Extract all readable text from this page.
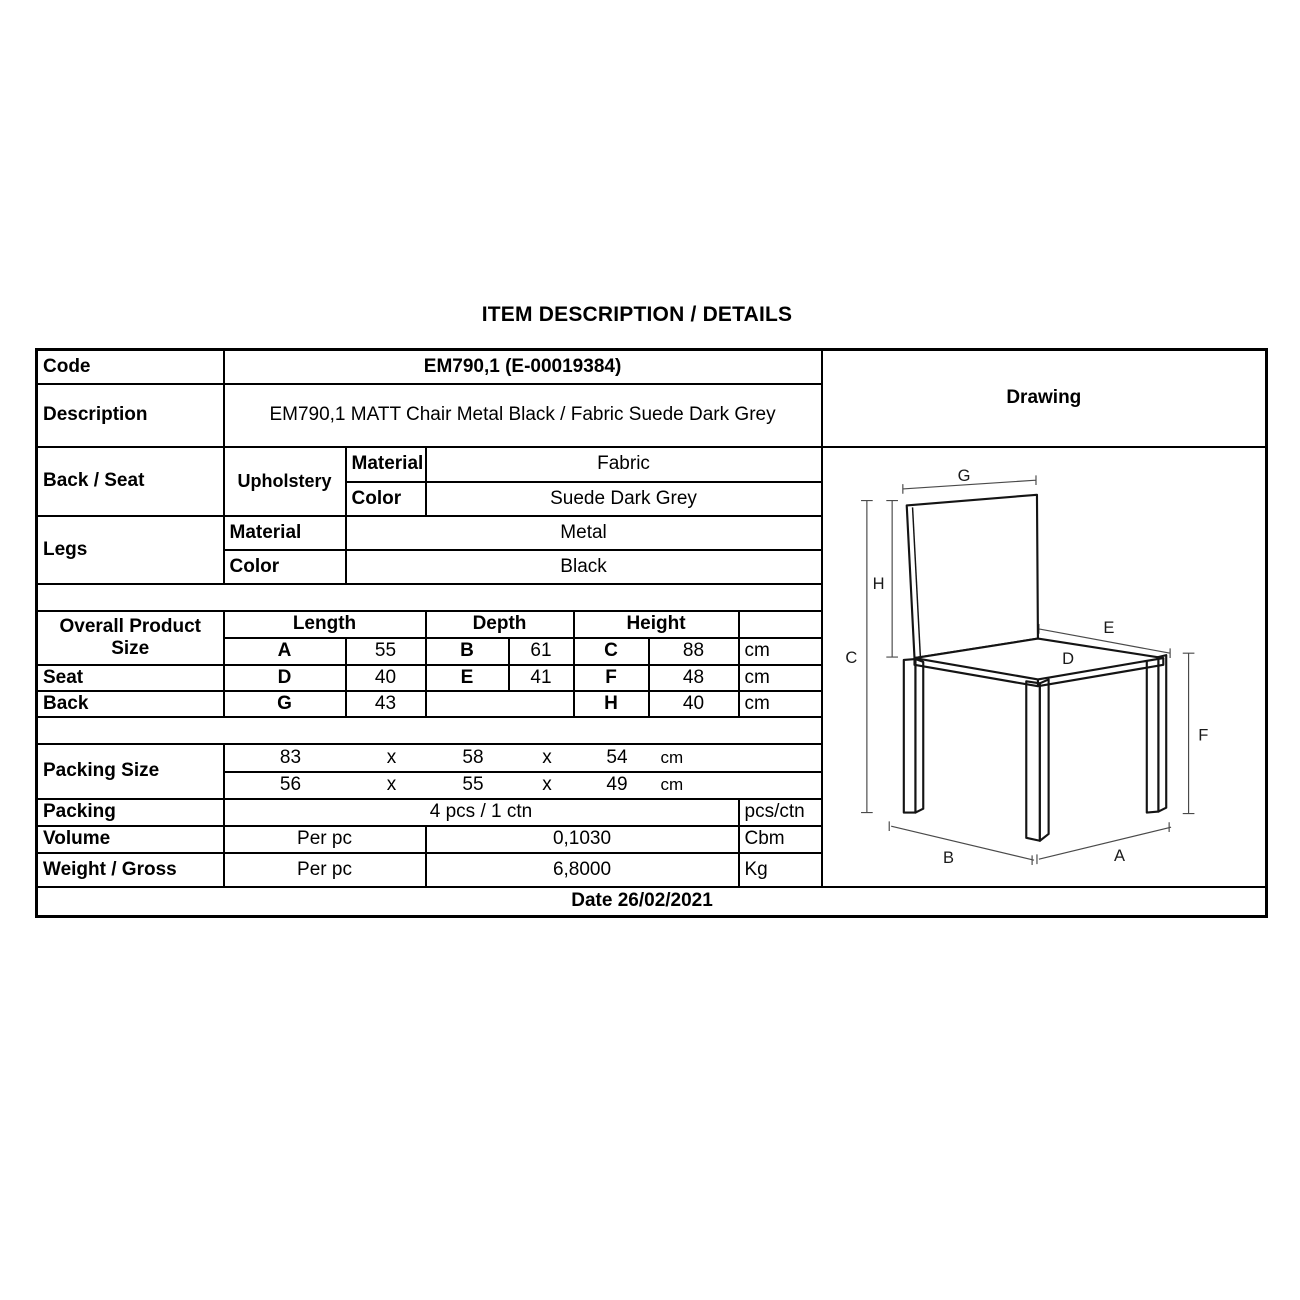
ITEM DESCRIPTION / DETAILS
Code	EM790,1 (E-00019384)							Drawing
Description	EM790,1 MATT Chair Metal Black / Fabric Suede Dark Grey							
Back / Seat	Upholstery	Material	Fabric	
G
H
C
E
D
F
B	A

		Color	Suede Dark Grey					
Legs	Material	Metal						
	Color	Black						

Overall Product
Size	Length		Depth		Height			
	A	55	B	61	C	88	cm	
Seat	D	40	E	41	F	48	cm	
Back	G	43			H	40	cm	

Packing Size	
83	x	58	x	54	cm

56	x	55	x	49	cm

Packing	4 pcs / 1 ctn						pcs/ctn	
Volume	Per pc		0,1030				Cbm	
Weight / Gross	Per pc		6,8000				Kg	
Date 26/02/2021								
